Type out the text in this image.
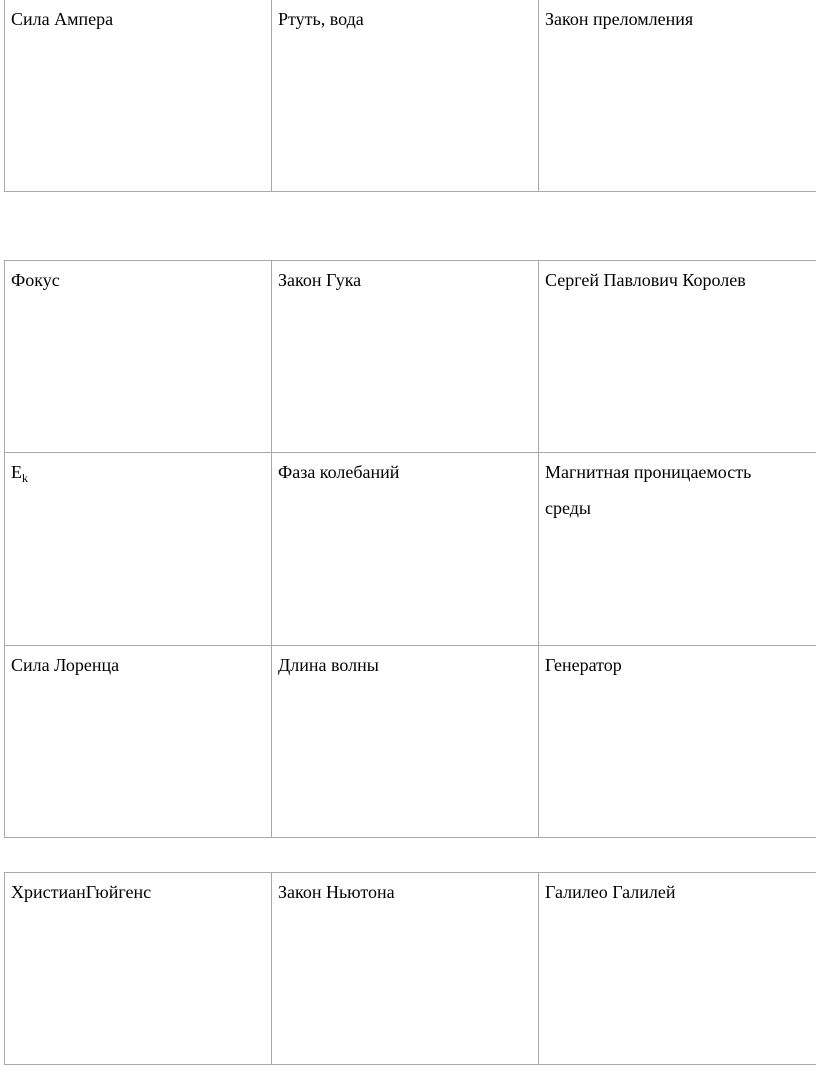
Сила Ампера	Ртуть, вода	Закон преломления
Фокус	Закон Гука	Сергей Павлович Королев

$E_k$	Фаза колебаний	Магнитная проницаемость среды

Сила Лоренца	Длина волны	Генератор
ХристианГюйгенс	Закон Ньютона	Галилео Галилей
